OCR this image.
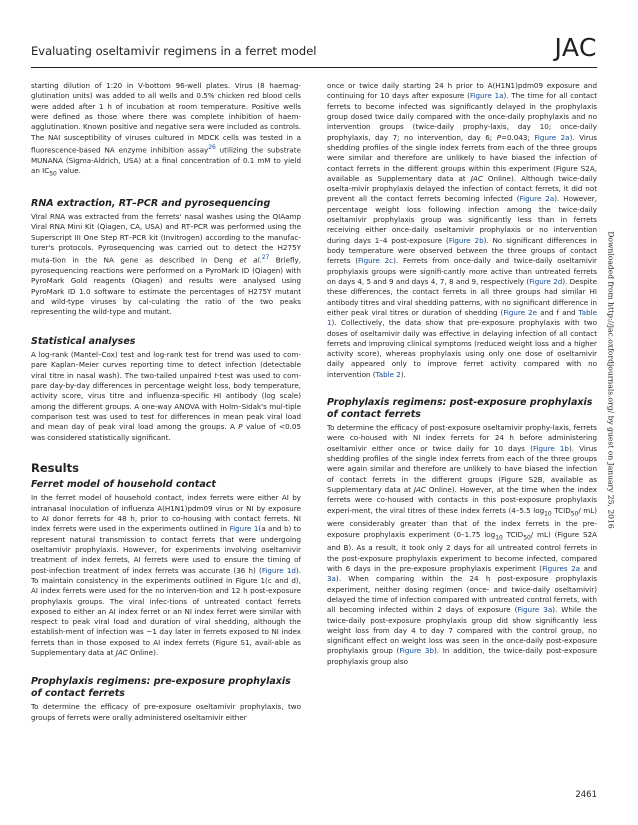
Evaluating oseltamivir regimens in a ferret model	JAC

starting dilution of 1:20 in V-bottom 96-well plates. Virus (8 haemag-glutination units) was added to all wells and 0.5% chicken red blood cells were added after 1 h of incubation at room temperature. Positive wells were defined as those where there was complete inhibition of haem-agglutination. Known positive and negative sera were included as controls. The NAI susceptibility of viruses cultured in MDCK cells was tested in a fluorescence-based NA enzyme inhibition assay$^{26}$ utilizing the substrate MUNANA (Sigma-Aldrich, USA) at a final concentration of 0.1 mM to yield an $IC_{50}$ value.

RNA extraction, RT–PCR and pyrosequencing

Viral RNA was extracted from the ferrets' nasal washes using the QIAamp Viral RNA Mini Kit (Qiagen, CA, USA) and RT–PCR was performed using the Superscript III One Step RT–PCR kit (Invitrogen) according to the manufac-turer's protocols. Pyrosequencing was carried out to detect the H275Y muta-tion in the NA gene as described in Deng et al.$^{27}$ Briefly, pyrosequencing reactions were performed on a PyroMark ID (Qiagen) with PyroMark Gold reagents (Qiagen) and results were analysed using PyroMark ID 1.0 software to estimate the percentages of H275Y mutant and wild-type viruses by cal-culating the ratio of the two peaks representing the wild-type and mutant.

Statistical analyses

A log-rank (Mantel–Cox) test and log-rank test for trend was used to com-pare Kaplan–Meier curves reporting time to detect infection (detectable viral titre in nasal wash). The two-tailed unpaired t-test was used to com-pare day-by-day differences in percentage weight loss, body temperature, activity score, virus titre and influenza-specific HI antibody (log scale) among the different groups. A one-way ANOVA with Holm–Sidak's mul-tiple comparison test was used to test for differences in mean peak viral load and mean day of peak viral load among the groups. A P value of <0.05 was considered statistically significant.

Results
Ferret model of household contact

In the ferret model of household contact, index ferrets were either AI by intranasal inoculation of influenza A(H1N1)pdm09 virus or NI by exposure to AI donor ferrets for 48 h, prior to co-housing with contact ferrets. NI index ferrets were used in the experiments outlined in Figure 1(a and b) to represent natural transmission to contact ferrets that were undergoing oseltamivir prophylaxis. However, for experiments involving oseltamivir treatment of index ferrets, AI ferrets were used to ensure the timing of post-infection treatment of index ferrets was accurate (36 h) (Figure 1d). To maintain consistency in the experiments outlined in Figure 1(c and d), AI index ferrets were used for the no interven-tion and 12 h post-exposure prophylaxis groups. The viral infec-tions of untreated contact ferrets exposed to either an AI index ferret or an NI index ferret were similar with respect to peak viral load and duration of viral shedding, although the establish-ment of infection was ~1 day later in ferrets exposed to NI index ferrets than in those exposed to AI index ferrets (Figure S1, avail-able as Supplementary data at JAC Online).

Prophylaxis regimens: pre-exposure prophylaxis of contact ferrets

To determine the efficacy of pre-exposure oseltamivir prophylaxis, two groups of ferrets were orally administered oseltamivir either

once or twice daily starting 24 h prior to A(H1N1)pdm09 exposure and continuing for 10 days after exposure (Figure 1a). The time for all contact ferrets to become infected was significantly delayed in the prophylaxis group dosed twice daily compared with the once-daily prophylaxis and no intervention groups (twice-daily prophy-laxis, day 10; once-daily prophylaxis, day 7; no intervention, day 6; P=0.043; Figure 2a). Virus shedding profiles of the single index ferrets from each of the three groups were similar and therefore are unlikely to have biased the infection of contact ferrets in the different groups within this experiment (Figure S2A, available as Supplementary data at JAC Online). Although twice-daily oselta-mivir prophylaxis delayed the infection of contact ferrets, it did not prevent all the contact ferrets becoming infected (Figure 2a). However, percentage weight loss following infection among the twice-daily oseltamivir prophylaxis group was significantly less than in ferrets receiving either once-daily oseltamivir prophylaxis or no intervention during days 1–4 post-exposure (Figure 2b). No significant differences in body temperature were observed between the three groups of contact ferrets (Figure 2c). Ferrets from once-daily and twice-daily oseltamivir prophylaxis groups were signifi-cantly more active than untreated ferrets on days 4, 5 and 9 and days 4, 7, 8 and 9, respectively (Figure 2d). Despite these differences, the contact ferrets in all three groups had similar HI antibody titres and viral shedding patterns, with no significant difference in either peak viral titres or duration of shedding (Figure 2e and f and Table 1). Collectively, the data show that pre-exposure prophylaxis with two doses of oseltamivir daily was effective in delaying infection of all contact ferrets and improving clinical symptoms (reduced weight loss and a higher activity score), whereas prophylaxis using only one dose of oseltamivir daily appeared only to improve ferret activity compared with no intervention (Table 2).

Prophylaxis regimens: post-exposure prophylaxis of contact ferrets

To determine the efficacy of post-exposure oseltamivir prophy-laxis, ferrets were co-housed with NI index ferrets for 24 h before administering oseltamivir either once or twice daily for 10 days (Figure 1b). Virus shedding profiles of the single index ferrets from each of the three groups were again similar and therefore are unlikely to have biased the infection of contact ferrets in the different groups (Figure S2B, available as Supplementary data at JAC Online). However, at the time when the index ferrets were co-housed with contacts in this post-exposure prophylaxis experi-ment, the viral titres of these index ferrets (4–5.5 $\log_{10}$ $TCID_{50}/$ mL) were considerably greater than that of the index ferrets in the pre-exposure prophylaxis experiment (0–1.75 $\log_{10}$ $TCID_{50}/$ mL) (Figure S2A and B). As a result, it took only 2 days for all untreated control ferrets in the post-exposure prophylaxis experiment to become infected, compared with 6 days in the pre-exposure prophylaxis experiment (Figures 2a and 3a). When comparing within the 24 h post-exposure prophylaxis experiment, neither dosing regimen (once- and twice-daily oseltamivir) delayed the time of infection compared with untreated control ferrets, with all becoming infected within 2 days of exposure (Figure 3a). While the twice-daily post-exposure prophylaxis group did show significantly less weight loss from day 4 to day 7 compared with the control group, no significant effect on weight loss was seen in the once-daily post-exposure prophylaxis group (Figure 3b). In addition, the twice-daily post-exposure prophylaxis group also

Downloaded from http://jac.oxfordjournals.org/ by guest on January 25, 2016
2461
